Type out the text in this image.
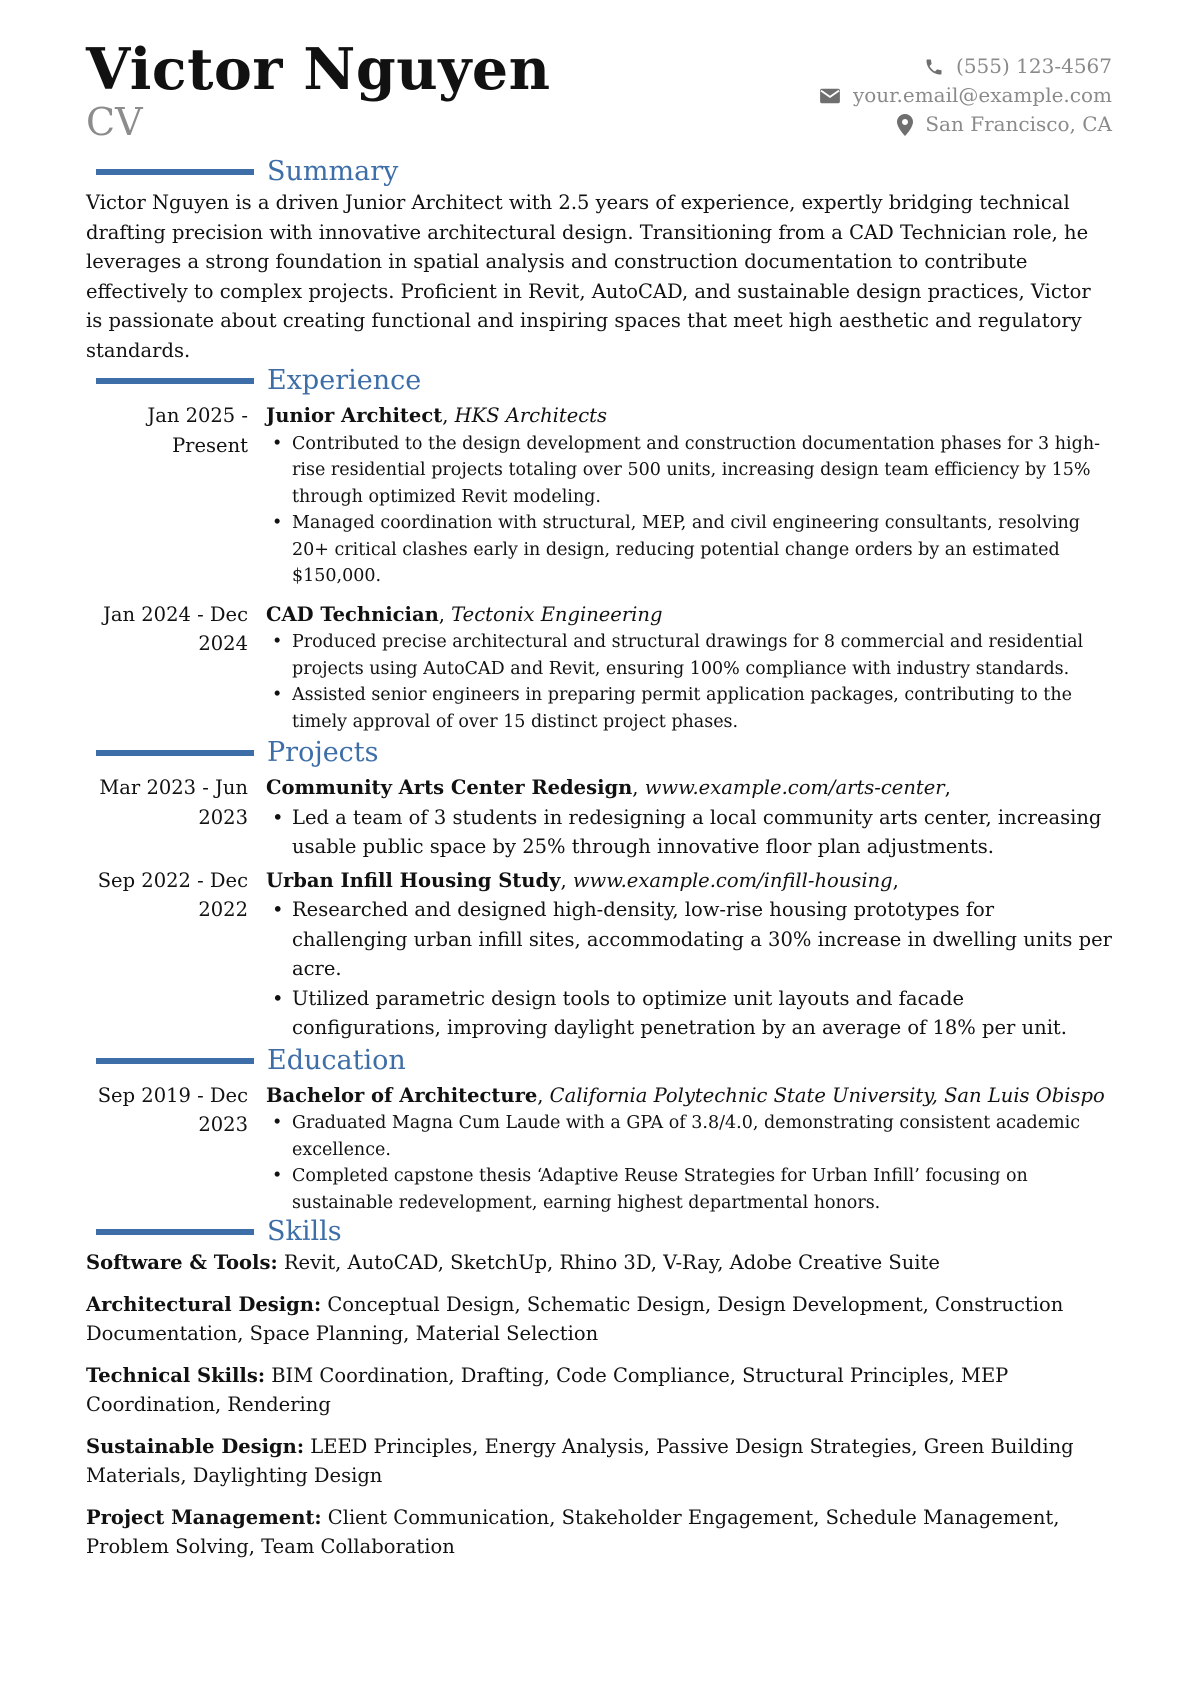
Victor Nguyen
CV
(555) 123-4567
your.email@example.com
San Francisco, CA
Summary

Victor Nguyen is a driven Junior Architect with 2.5 years of experience, expertly bridging technical drafting precision with innovative architectural design. Transitioning from a CAD Technician role, he leverages a strong foundation in spatial analysis and construction documentation to contribute effectively to complex projects. Proficient in Revit, AutoCAD, and sustainable design practices, Victor is passionate about creating functional and inspiring spaces that meet high aesthetic and regulatory standards.

Experience
Jan 2025 - Present
Junior Architect, HKS Architects
• Contributed to the design development and construction documentation phases for 3 high-rise residential projects totaling over 500 units, increasing design team efficiency by 15% through optimized Revit modeling.
• Managed coordination with structural, MEP, and civil engineering consultants, resolving 20+ critical clashes early in design, reducing potential change orders by an estimated $150,000.
Jan 2024 - Dec 2024
CAD Technician, Tectonix Engineering
• Produced precise architectural and structural drawings for 8 commercial and residential projects using AutoCAD and Revit, ensuring 100% compliance with industry standards.
• Assisted senior engineers in preparing permit application packages, contributing to the timely approval of over 15 distinct project phases.
Projects
Mar 2023 - Jun 2023
Community Arts Center Redesign, www.example.com/arts-center,
• Led a team of 3 students in redesigning a local community arts center, increasing usable public space by 25% through innovative floor plan adjustments.
Sep 2022 - Dec 2022
Urban Infill Housing Study, www.example.com/infill-housing,
• Researched and designed high-density, low-rise housing prototypes for challenging urban infill sites, accommodating a 30% increase in dwelling units per acre.
• Utilized parametric design tools to optimize unit layouts and facade configurations, improving daylight penetration by an average of 18% per unit.
Education
Sep 2019 - Dec 2023
Bachelor of Architecture, California Polytechnic State University, San Luis Obispo
• Graduated Magna Cum Laude with a GPA of 3.8/4.0, demonstrating consistent academic excellence.
• Completed capstone thesis ‘Adaptive Reuse Strategies for Urban Infill’ focusing on sustainable redevelopment, earning highest departmental honors.
Skills
Software & Tools: Revit, AutoCAD, SketchUp, Rhino 3D, V-Ray, Adobe Creative Suite
Architectural Design: Conceptual Design, Schematic Design, Design Development, Construction Documentation, Space Planning, Material Selection
Technical Skills: BIM Coordination, Drafting, Code Compliance, Structural Principles, MEP Coordination, Rendering
Sustainable Design: LEED Principles, Energy Analysis, Passive Design Strategies, Green Building Materials, Daylighting Design
Project Management: Client Communication, Stakeholder Engagement, Schedule Management, Problem Solving, Team Collaboration
